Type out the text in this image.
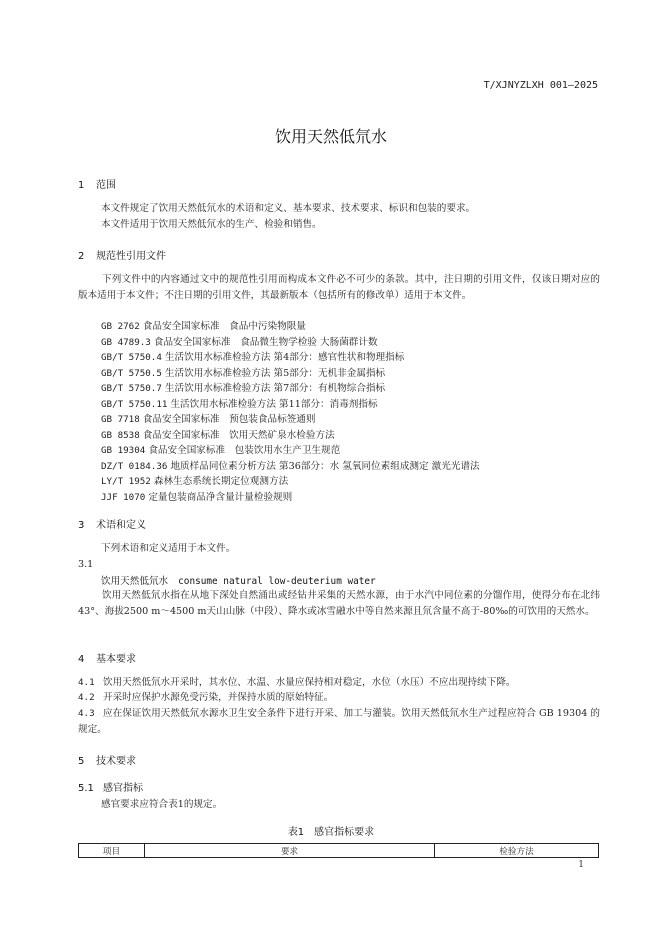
T/XJNYZLXH 001—2025
饮用天然低氘水
1 范围
本文件规定了饮用天然低氘水的术语和定义、基本要求、技术要求、标识和包装的要求。
本文件适用于饮用天然低氘水的生产、检验和销售。
2 规范性引用文件
下列文件中的内容通过文中的规范性引用而构成本文件必不可少的条款。其中，注日期的引用文件，仅该日期对应的版本适用于本文件；不注日期的引用文件，其最新版本（包括所有的修改单）适用于本文件。
GB 2762 食品安全国家标准　食品中污染物限量
GB 4789.3 食品安全国家标准　食品微生物学检验 大肠菌群计数
GB/T 5750.4 生活饮用水标准检验方法 第4部分：感官性状和物理指标
GB/T 5750.5 生活饮用水标准检验方法 第5部分：无机非金属指标
GB/T 5750.7 生活饮用水标准检验方法 第7部分：有机物综合指标
GB/T 5750.11 生活饮用水标准检验方法 第11部分：消毒剂指标
GB 7718 食品安全国家标准　预包装食品标签通则
GB 8538 食品安全国家标准　饮用天然矿泉水检验方法
GB 19304 食品安全国家标准　包装饮用水生产卫生规范
DZ/T 0184.36 地质样品同位素分析方法 第36部分：水 氢氧同位素组成测定 激光光谱法
LY/T 1952 森林生态系统长期定位观测方法
JJF 1070 定量包装商品净含量计量检验规则
3 术语和定义
下列术语和定义适用于本文件。
3.1
饮用天然低氘水 consume natural low-deuterium water
饮用天然低氘水指在从地下深处自然涌出或经钻井采集的天然水源，由于水汽中同位素的分馏作用，使得分布在北纬43°、海拔2500 m～4500 m天山山脉（中段）、降水或冰雪融水中等自然来源且氘含量不高于-80‰的可饮用的天然水。
4 基本要求
4.1 饮用天然低氘水开采时，其水位、水温、水量应保持相对稳定，水位（水压）不应出现持续下降。
4.2 开采时应保护水源免受污染，并保持水质的原始特征。
4.3 应在保证饮用天然低氘水源水卫生安全条件下进行开采、加工与灌装。饮用天然低氘水生产过程应符合 GB 19304 的规定。
5 技术要求
5.1 感官指标
感官要求应符合表1的规定。
表1　感官指标要求
项目	要求	检验方法
1
